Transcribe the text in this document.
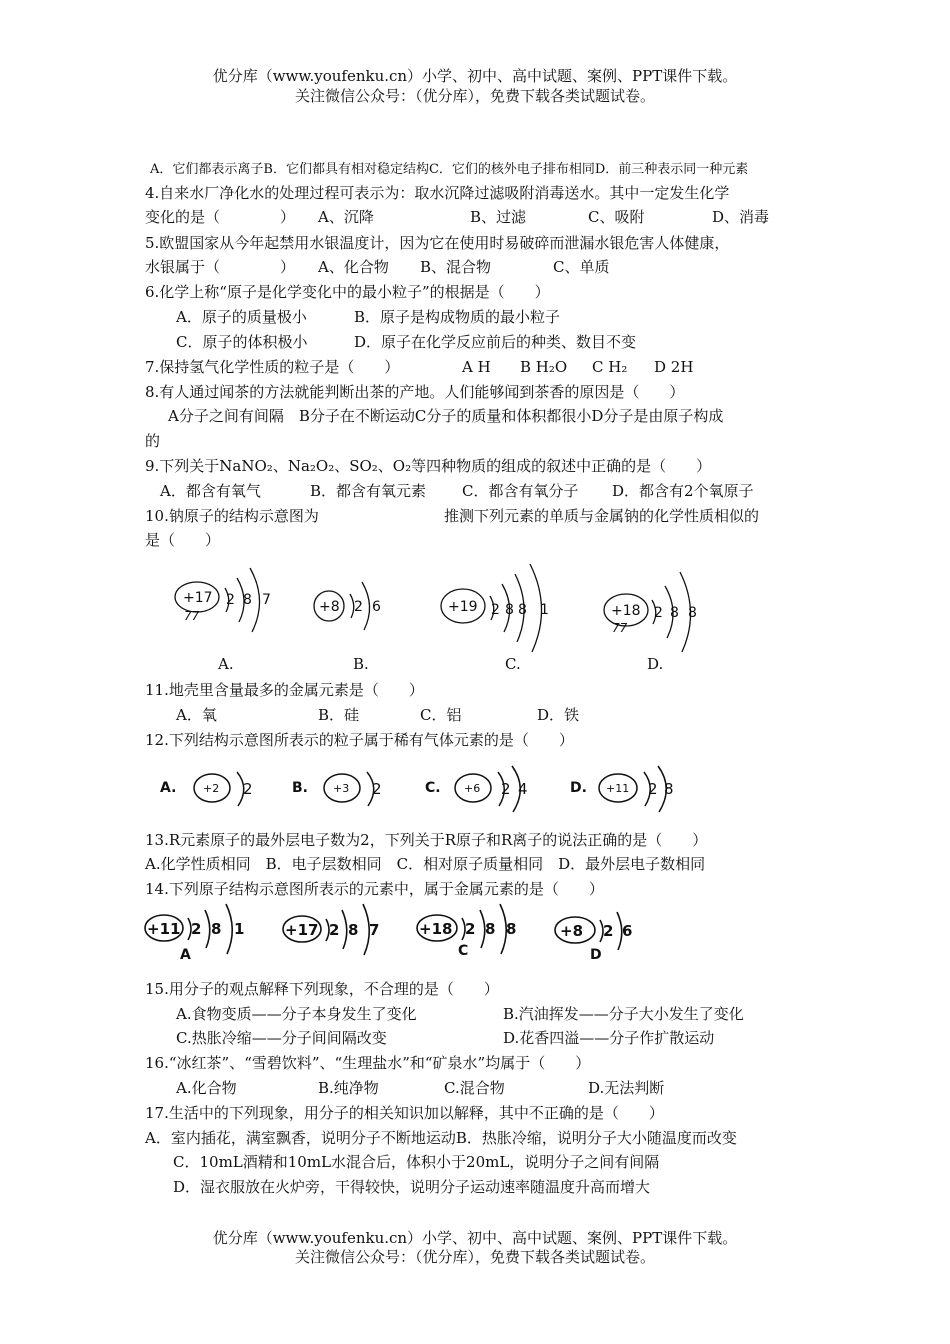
优分库（www.youfenku.cn）小学、初中、高中试题、案例、PPT课件下载。
关注微信公众号：（优分库），免费下载各类试题试卷。
A．它们都表示离子B．它们都具有相对稳定结构C．它们的核外电子排布相同D．前三种表示同一种元素
4.自来水厂净化水的处理过程可表示为：取水沉降过滤吸附消毒送水。其中一定发生化学
变化的是（　　　　） A、沉降	B、过滤	C、吸附	D、消毒
5.欧盟国家从今年起禁用水银温度计，因为它在使用时易破碎而泄漏水银危害人体健康，
水银属于（　　　　） A、化合物 B、混合物	C、单质
6.化学上称“原子是化学变化中的最小粒子”的根据是（　　）
A．原子的质量极小	B．原子是构成物质的最小粒子
C．原子的体积极小	D．原子在化学反应前后的种类、数目不变
7.保持氢气化学性质的粒子是（　　）	A H B H₂O C H₂ D 2H
8.有人通过闻茶的方法就能判断出茶的产地。人们能够闻到茶香的原因是（　　）
A分子之间有间隔　B分子在不断运动C分子的质量和体积都很小D分子是由原子构成
的
9.下列关于NaNO₂、Na₂O₂、SO₂、O₂等四种物质的组成的叙述中正确的是（　　）
A．都含有氧气	B．都含有氧元素 C．都含有氧分子 D．都含有2个氧原子
10.钠原子的结构示意图为	推测下列元素的单质与金属钠的化学性质相似的
是（　　）
+17
77
2 8 7	+8 2 6	+19 2 8 8 1	+18
77
2 8 8
A.	B.	C.	D.
11.地壳里含量最多的金属元素是（　　）
A．氧	B．硅	C．铝	D．铁
12.下列结构示意图所表示的粒子属于稀有气体元素的是（　　）
A. +2 2	B. +3 2	C. +6 2 4	D. +11 2 8
13.R元素原子的最外层电子数为2，下列关于R原子和R离子的说法正确的是（　　）
A.化学性质相同　B．电子层数相同　C．相对原子质量相同　D．最外层电子数相同
14.下列原子结构示意图所表示的元素中，属于金属元素的是（　　）
+11 2 8 1
A
+17 2 8 7	+18 2 8 8
C
+8 2 6
D
15.用分子的观点解释下列现象，不合理的是（　　）
A.食物变质——分子本身发生了变化	B.汽油挥发——分子大小发生了变化
C.热胀冷缩——分子间间隔改变	D.花香四溢——分子作扩散运动
16.“冰红茶”、“雪碧饮料”、“生理盐水”和“矿泉水”均属于（　　）
A.化合物	B.纯净物	C.混合物	D.无法判断
17.生活中的下列现象，用分子的相关知识加以解释，其中不正确的是（　　）
A．室内插花，满室飘香，说明分子不断地运动B．热胀冷缩，说明分子大小随温度而改变
C．10mL酒精和10mL水混合后，体积小于20mL，说明分子之间有间隔
D．湿衣服放在火炉旁，干得较快，说明分子运动速率随温度升高而增大
优分库（www.youfenku.cn）小学、初中、高中试题、案例、PPT课件下载。
关注微信公众号：（优分库），免费下载各类试题试卷。
